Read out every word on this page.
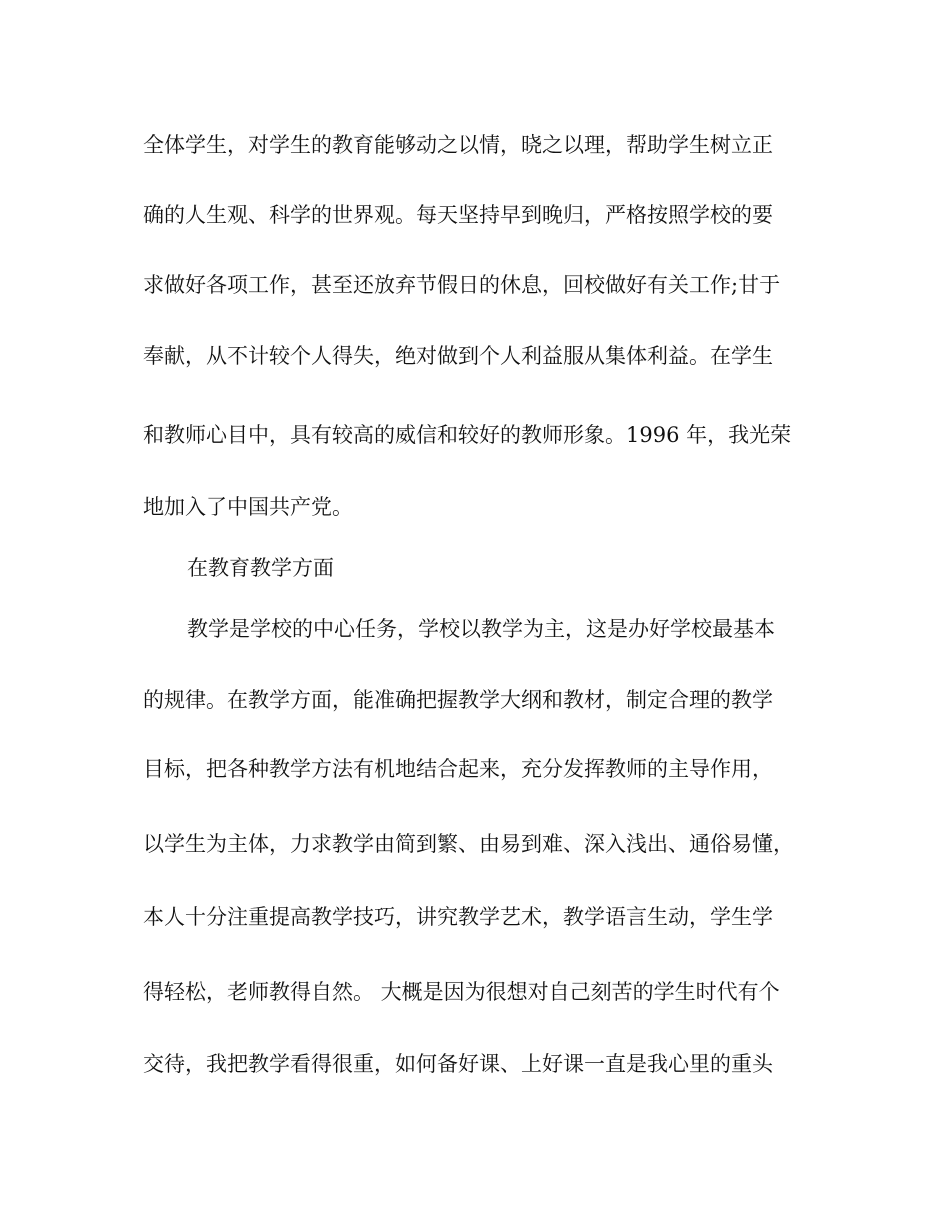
全体学生，对学生的教育能够动之以情，晓之以理，帮助学生树立正
确的人生观、科学的世界观。每天坚持早到晚归，严格按照学校的要
求做好各项工作，甚至还放弃节假日的休息，回校做好有关工作;甘于
奉献，从不计较个人得失，绝对做到个人利益服从集体利益。在学生
和教师心目中，具有较高的威信和较好的教师形象。1996 年，我光荣
地加入了中国共产党。
在教育教学方面
教学是学校的中心任务，学校以教学为主，这是办好学校最基本
的规律。在教学方面，能准确把握教学大纲和教材，制定合理的教学
目标，把各种教学方法有机地结合起来，充分发挥教师的主导作用，
以学生为主体，力求教学由简到繁、由易到难、深入浅出、通俗易懂，
本人十分注重提高教学技巧，讲究教学艺术，教学语言生动，学生学
得轻松，老师教得自然。 大概是因为很想对自己刻苦的学生时代有个
交待，我把教学看得很重，如何备好课、上好课一直是我心里的重头
